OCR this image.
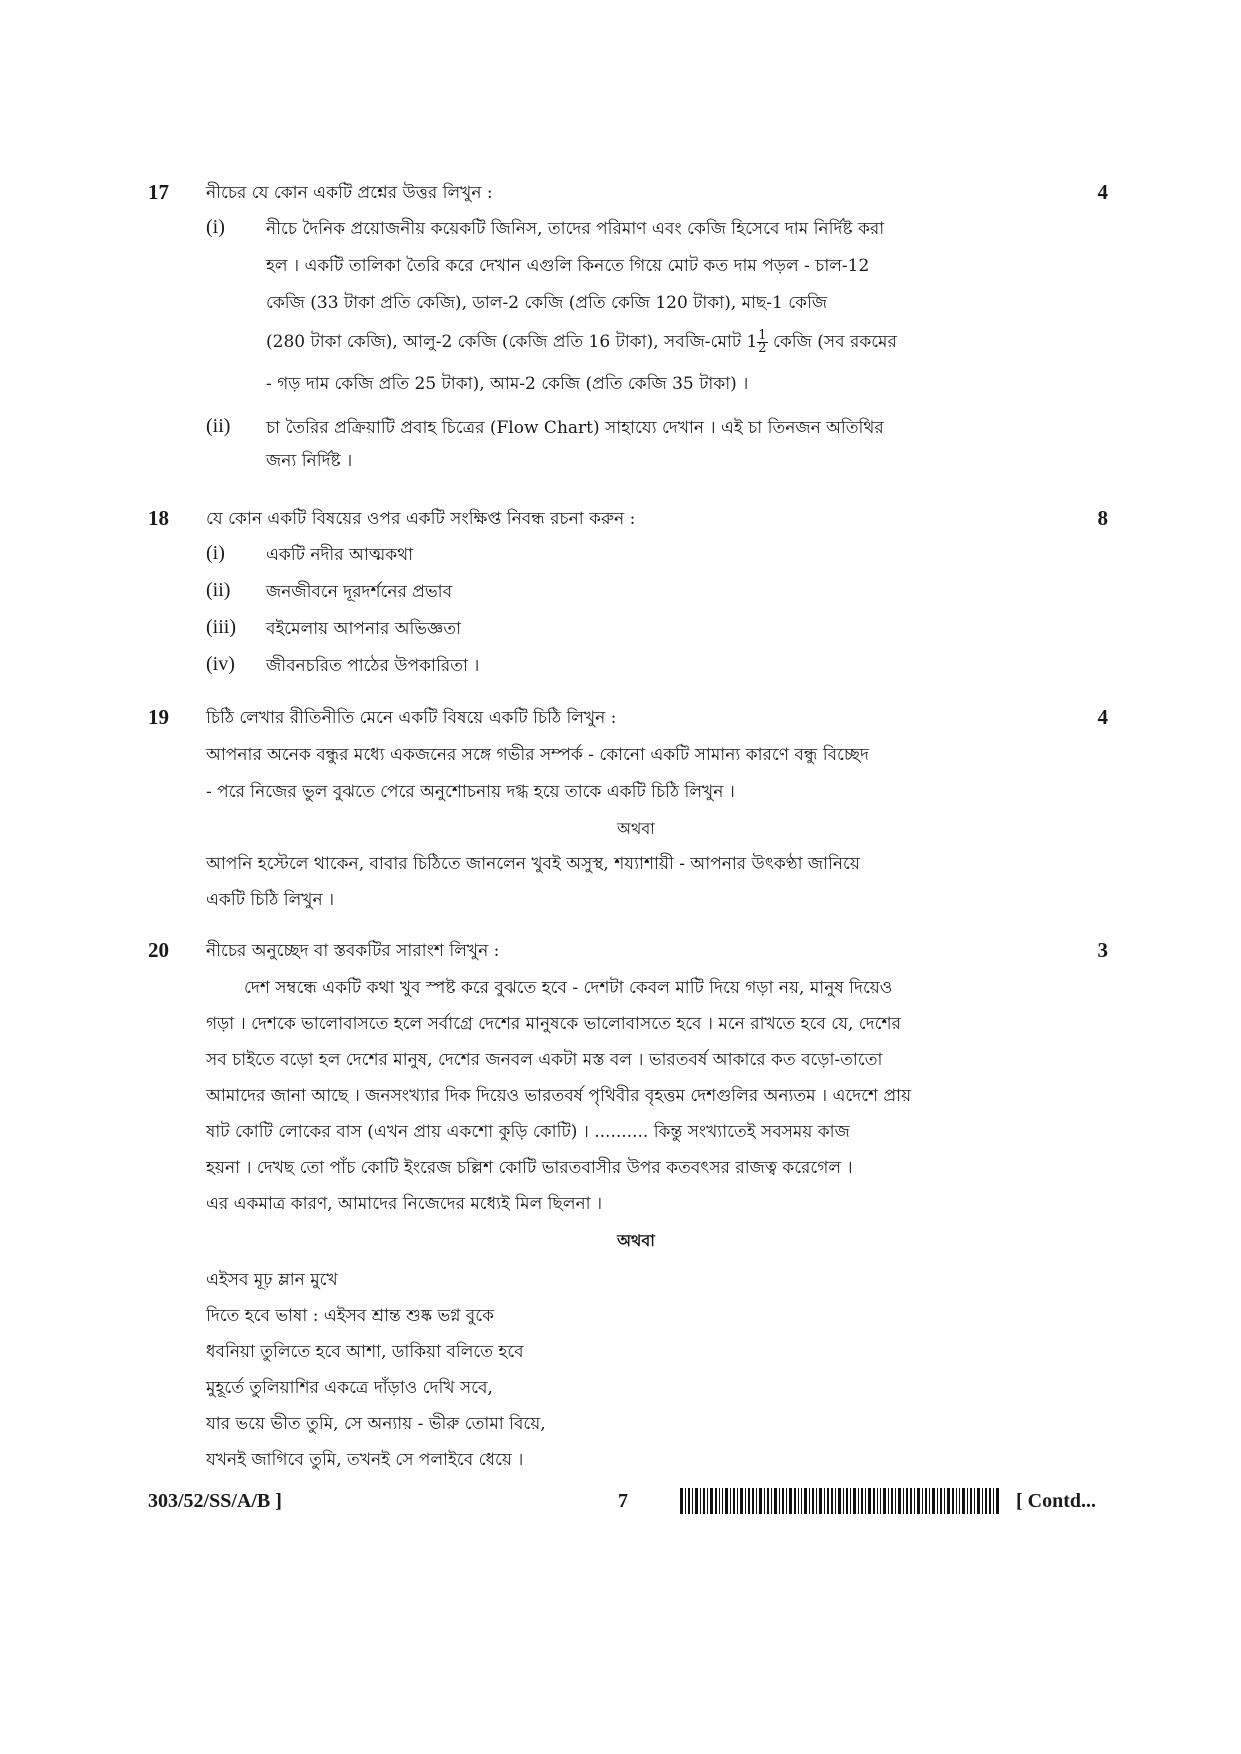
17	4
নীচের যে কোন একটি প্রশ্নের উত্তর লিখুন :
(i) নীচে দৈনিক প্রয়োজনীয় কয়েকটি জিনিস, তাদের পরিমাণ এবং কেজি হিসেবে দাম নির্দিষ্ট করা
হল । একটি তালিকা তৈরি করে দেখান এগুলি কিনতে গিয়ে মোট কত দাম পড়ল - চাল-12
কেজি (33 টাকা প্রতি কেজি), ডাল-2 কেজি (প্রতি কেজি 120 টাকা), মাছ-1 কেজি
(280 টাকা কেজি), আলু-2 কেজি (কেজি প্রতি 16 টাকা), সবজি-মোট $1 \frac{1}{2}$ কেজি (সব রকমের
- গড় দাম কেজি প্রতি 25 টাকা), আম-2 কেজি (প্রতি কেজি 35 টাকা) ।
(ii) চা তৈরির প্রক্রিয়াটি প্রবাহ চিত্রের (Flow Chart) সাহায্যে দেখান । এই চা তিনজন অতিথির
জন্য নির্দিষ্ট ।
18	8
যে কোন একটি বিষয়ের ওপর একটি সংক্ষিপ্ত নিবন্ধ রচনা করুন :
(i) একটি নদীর আত্মকথা
(ii) জনজীবনে দূরদর্শনের প্রভাব
(iii) বইমেলায় আপনার অভিজ্ঞতা
(iv) জীবনচরিত পাঠের উপকারিতা ।
19	4
চিঠি লেখার রীতিনীতি মেনে একটি বিষয়ে একটি চিঠি লিখুন :
আপনার অনেক বন্ধুর মধ্যে একজনের সঙ্গে গভীর সম্পর্ক - কোনো একটি সামান্য কারণে বন্ধু বিচ্ছেদ
- পরে নিজের ভুল বুঝতে পেরে অনুশোচনায় দগ্ধ হয়ে তাকে একটি চিঠি লিখুন ।
অথবা
আপনি হস্টেলে থাকেন, বাবার চিঠিতে জানলেন খুবই অসুস্থ, শয্যাশায়ী - আপনার উৎকণ্ঠা জানিয়ে
একটি চিঠি লিখুন ।
20	3
নীচের অনুচ্ছেদ বা স্তবকটির সারাংশ লিখুন :
দেশ সম্বন্ধে একটি কথা খুব স্পষ্ট করে বুঝতে হবে - দেশটা কেবল মাটি দিয়ে গড়া নয়, মানুষ দিয়েও
গড়া । দেশকে ভালোবাসতে হলে সর্বাগ্রে দেশের মানুষকে ভালোবাসতে হবে । মনে রাখতে হবে যে, দেশের
সব চাইতে বড়ো হল দেশের মানুষ, দেশের জনবল একটা মস্ত বল । ভারতবর্ষ আকারে কত বড়ো-তাতো
আমাদের জানা আছে । জনসংখ্যার দিক দিয়েও ভারতবর্ষ পৃথিবীর বৃহত্তম দেশগুলির অন্যতম । এদেশে প্রায়
ষাট কোটি লোকের বাস (এখন প্রায় একশো কুড়ি কোটি) । .......... কিন্তু সংখ্যাতেই সবসময় কাজ
হয়না । দেখছ তো পাঁচ কোটি ইংরেজ চল্লিশ কোটি ভারতবাসীর উপর কতবৎসর রাজত্ব করেগেল ।
এর একমাত্র কারণ, আমাদের নিজেদের মধ্যেই মিল ছিলনা ।
অথবা
এইসব মূঢ় ম্লান মুখে
দিতে হবে ভাষা : এইসব শ্রান্ত শুষ্ক ভগ্ন বুকে
ধবনিয়া তুলিতে হবে আশা, ডাকিয়া বলিতে হবে
মুহূর্তে তুলিয়াশির একত্রে দাঁড়াও দেখি সবে,
যার ভয়ে ভীত তুমি, সে অন্যায় - ভীরু তোমা বিয়ে,
যখনই জাগিবে তুমি, তখনই সে পলাইবে ধেয়ে ।
303/52/SS/A/B ]	7	[ Contd...
